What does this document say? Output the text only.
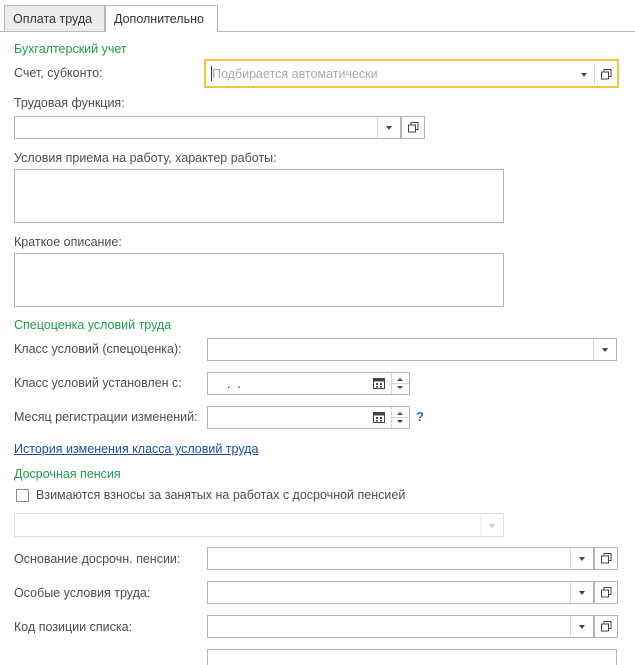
Оплата труда	Дополнительно
Бухгалтерский учет
Счет, субконто:	Подбирается автоматически
Трудовая функция:
Условия приема на работу, характер работы:
Краткое описание:
Спецоценка условий труда
Класс условий (спецоценка):
Класс условий установлен с:	.  .
Месяц регистрации изменений:	?
История изменения класса условий труда
Досрочная пенсия
Взимаются взносы за занятых на работах с досрочной пенсией
Основание досрочн. пенсии:
Особые условия труда:
Код позиции списка:
